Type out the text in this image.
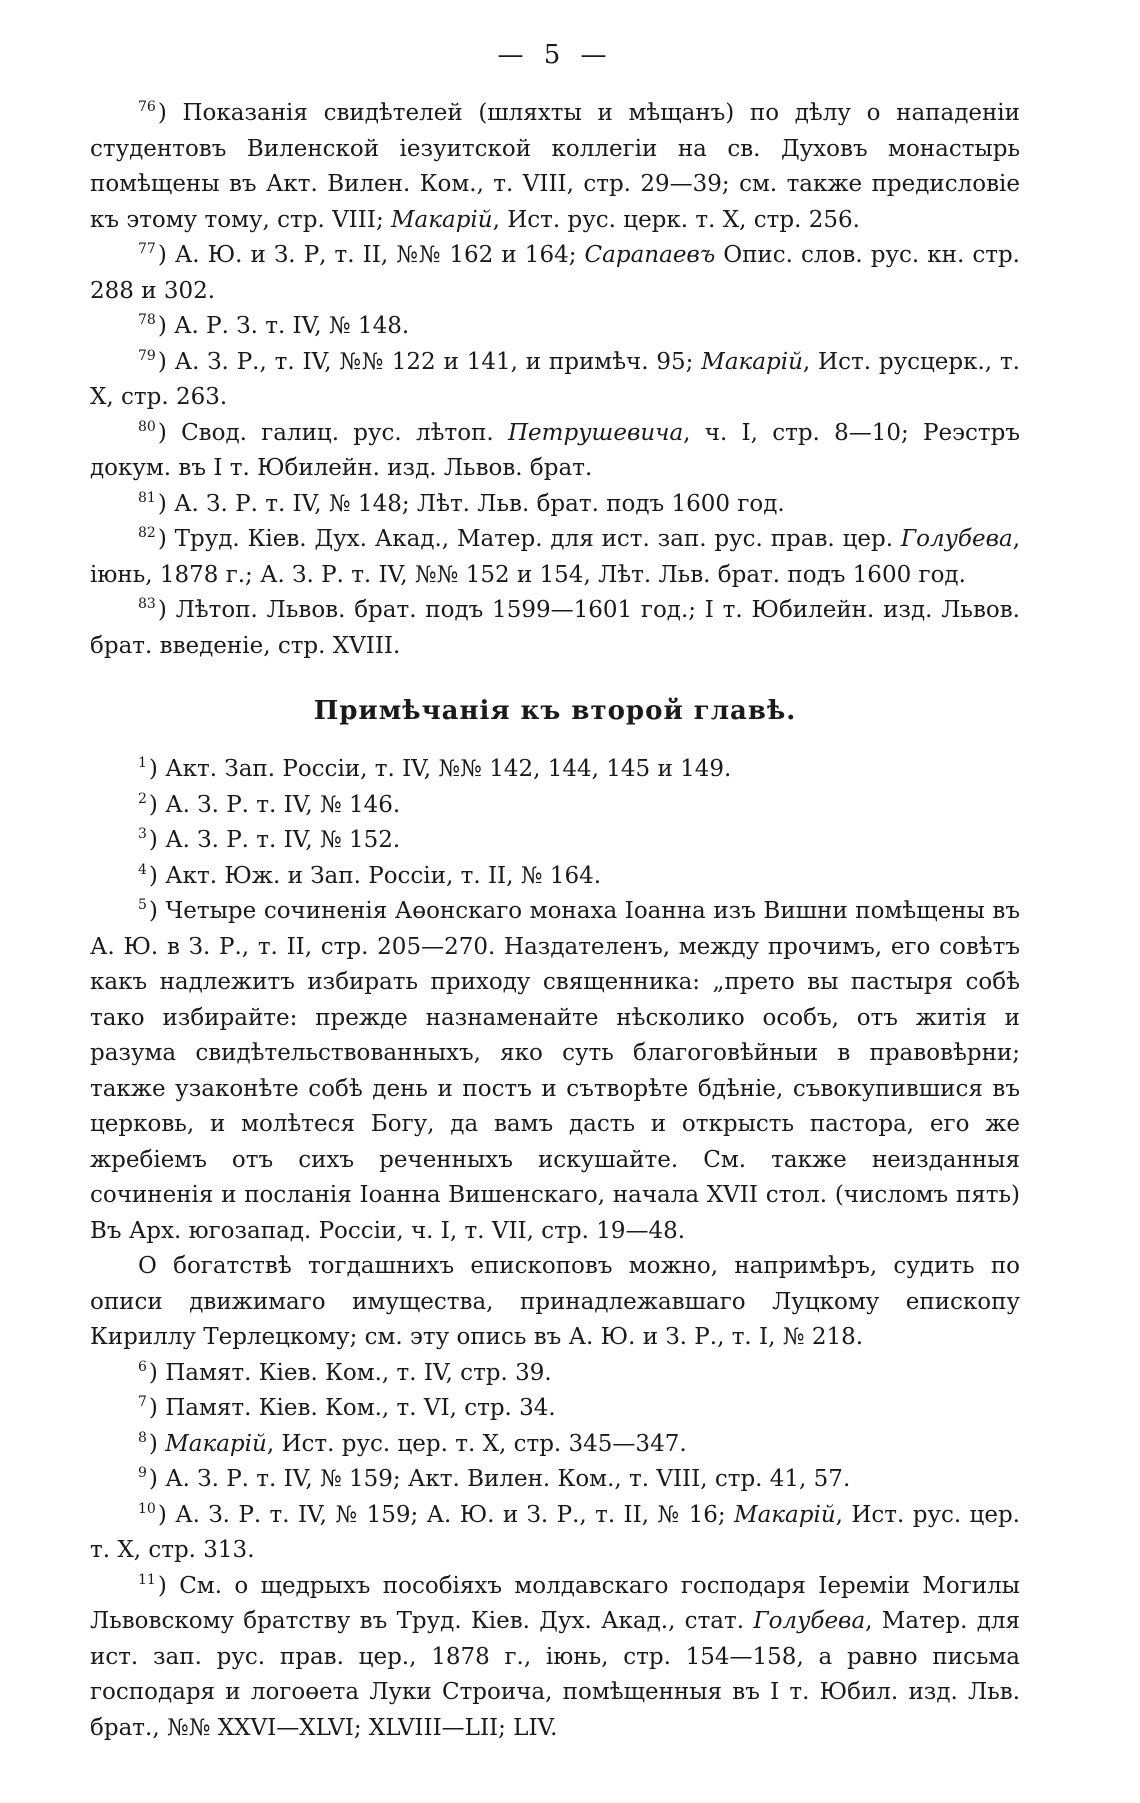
— 5 —

$^{76}$) Показанія свидѣтелей (шляхты и мѣщанъ) по дѣлу о нападеніи студентовъ Виленской іезуитской коллегіи на св. Духовъ монастырь помѣщены въ Акт. Вилен. Ком., т. VIII, стр. 29—39; см. также предисловіе къ этому тому, стр. VIII; Макарій, Ист. рус. церк. т. X, стр. 256.

$^{77}$) А. Ю. и З. Р, т. II, №№ 162 и 164; Сарапаевъ Опис. слов. рус. кн. стр. 288 и 302.

$^{78}$) А. Р. З. т. IV, № 148.

$^{79}$) А. З. Р., т. IV, №№ 122 и 141, и примѣч. 95; Макарій, Ист. русцерк., т. X, стр. 263.

$^{80}$) Свод. галиц. рус. лѣтоп. Петрушевича, ч. I, стр. 8—10; Реэстръ докум. въ I т. Юбилейн. изд. Львов. брат.

$^{81}$) А. З. Р. т. IV, № 148; Лѣт. Льв. брат. подъ 1600 год.

$^{82}$) Труд. Кіев. Дух. Акад., Матер. для ист. зап. рус. прав. цер. Голубева, іюнь, 1878 г.; А. З. Р. т. IV, №№ 152 и 154, Лѣт. Льв. брат. подъ 1600 год.

$^{83}$) Лѣтоп. Львов. брат. подъ 1599—1601 год.; I т. Юбилейн. изд. Львов. брат. введеніе, стр. XVIII.

Примѣчанія къ второй главѣ.

$^1$) Акт. Зап. Россіи, т. IV, №№ 142, 144, 145 и 149.

$^2$) А. З. Р. т. IV, № 146.

$^3$) А. З. Р. т. IV, № 152.

$^4$) Акт. Юж. и Зап. Россіи, т. II, № 164.

$^5$) Четыре сочиненія Аөонскаго монаха Іоанна изъ Вишни помѣщены въ А. Ю. в З. Р., т. II, стр. 205—270. Наздателенъ, между прочимъ, его совѣтъ какъ надлежитъ избирать приходу священника: „прето вы пастыря собѣ тако избирайте: прежде назнаменайте нѣсколико особъ, отъ житія и разума свидѣтельствованныхъ, яко суть благоговѣйныи в правовѣрни; также узаконѣте собѣ день и постъ и сътворѣте бдѣніе, съвокупившися въ церковь, и молѣтеся Богу, да вамъ дасть и открысть пастора, его же жребіемъ отъ сихъ реченныхъ искушайте. См. также неизданныя сочиненія и посланія Іоанна Вишенскаго, начала XVII стол. (числомъ пять) Въ Арх. югозапад. Россіи, ч. I, т. VII, стр. 19—48.

О богатствѣ тогдашнихъ епископовъ можно, напримѣръ, судить по описи движимаго имущества, принадлежавшаго Луцкому епископу Кириллу Терлецкому; см. эту опись въ А. Ю. и З. Р., т. I, № 218.

$^6$) Памят. Кіев. Ком., т. IV, стр. 39.

$^7$) Памят. Кіев. Ком., т. VI, стр. 34.

$^8$) Макарій, Ист. рус. цер. т. X, стр. 345—347.

$^9$) А. З. Р. т. IV, № 159; Акт. Вилен. Ком., т. VIII, стр. 41, 57.

$^{10}$) А. З. Р. т. IV, № 159; А. Ю. и З. Р., т. II, № 16; Макарій, Ист. рус. цер. т. X, стр. 313.

$^{11}$) См. о щедрыхъ пособіяхъ молдавскаго господаря Іереміи Могилы Львовскому братству въ Труд. Кіев. Дух. Акад., стат. Голубева, Матер. для ист. зап. рус. прав. цер., 1878 г., іюнь, стр. 154—158, а равно письма господаря и логоөета Луки Строича, помѣщенныя въ I т. Юбил. изд. Льв. брат., №№ XXVI—XLVI; XLVIII—LII; LIV.
